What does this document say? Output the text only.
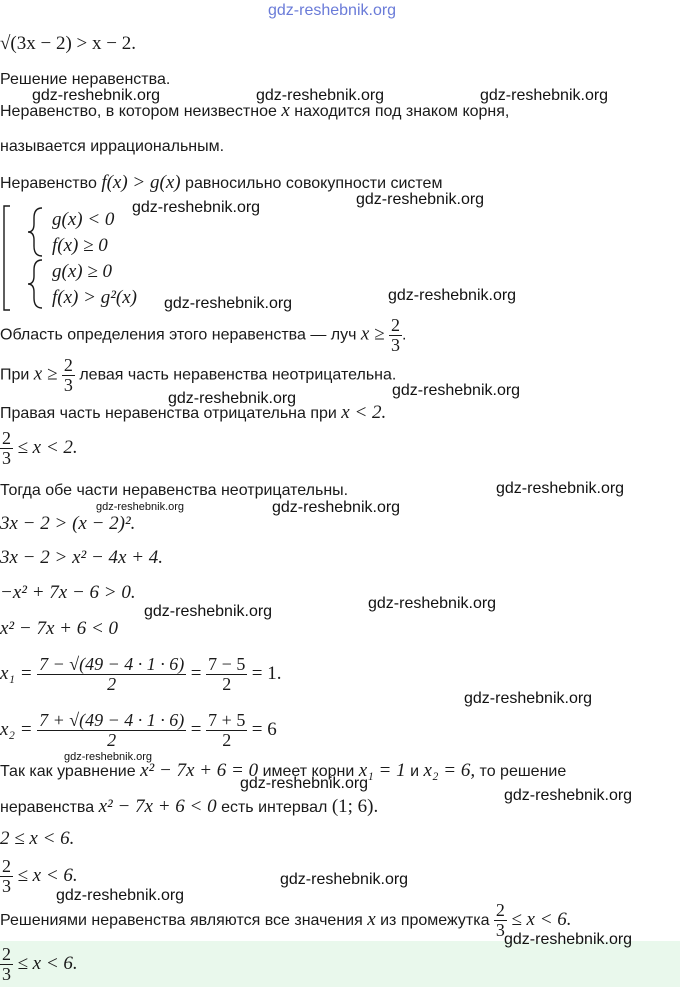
gdz-reshebnik.org
√(3x − 2) > x − 2.
Решение неравенства.
gdz-reshebnik.org	gdz-reshebnik.org	gdz-reshebnik.org
Неравенство, в котором неизвестное x находится под знаком корня,
называется иррациональным.
Неравенство f(x) > g(x) равносильно совокупности систем
gdz-reshebnik.org
g(x) < 0
f(x) ≥ 0
g(x) ≥ 0
f(x) > g²(x)
gdz-reshebnik.org
gdz-reshebnik.org	gdz-reshebnik.org
Область определения этого неравенства — луч $x \ge \frac{2}{3}$ .
При $x \ge \frac{2}{3}$ левая часть неравенства неотрицательна.
gdz-reshebnik.org	gdz-reshebnik.org
Правая часть неравенства отрицательна при x < 2.
$\frac{2}{3} \le x < 2$.
Тогда обе части неравенства неотрицательны.	gdz-reshebnik.org
gdz-reshebnik.org	gdz-reshebnik.org
3x − 2 > (x − 2)².
3x − 2 > x² − 4x + 4.
−x² + 7x − 6 > 0.
gdz-reshebnik.org	gdz-reshebnik.org
x² − 7x + 6 < 0
$x_1 = \frac{7 - √(49 - 4 \cdot 1 \cdot 6)}{2} = \frac{7 - 5}{2} = 1$.
gdz-reshebnik.org
$x_2 = \frac{7 + √(49 - 4 \cdot 1 \cdot 6)}{2} = \frac{7 + 5}{2} = 6$
gdz-reshebnik.org
Так как уравнение x² − 7x + 6 = 0 имеет корни x₁ = 1 и x₂ = 6, то решение
gdz-reshebnik.org
gdz-reshebnik.org
неравенства x² − 7x + 6 < 0 есть интервал (1; 6).
2 ≤ x < 6.
$\frac{2}{3} \le x < 6$.
gdz-reshebnik.org
gdz-reshebnik.org
Решениями неравенства являются все значения x из промежутка $\frac{2}{3} \le x < 6$.
$\frac{2}{3} \le x < 6$.
gdz-reshebnik.org
